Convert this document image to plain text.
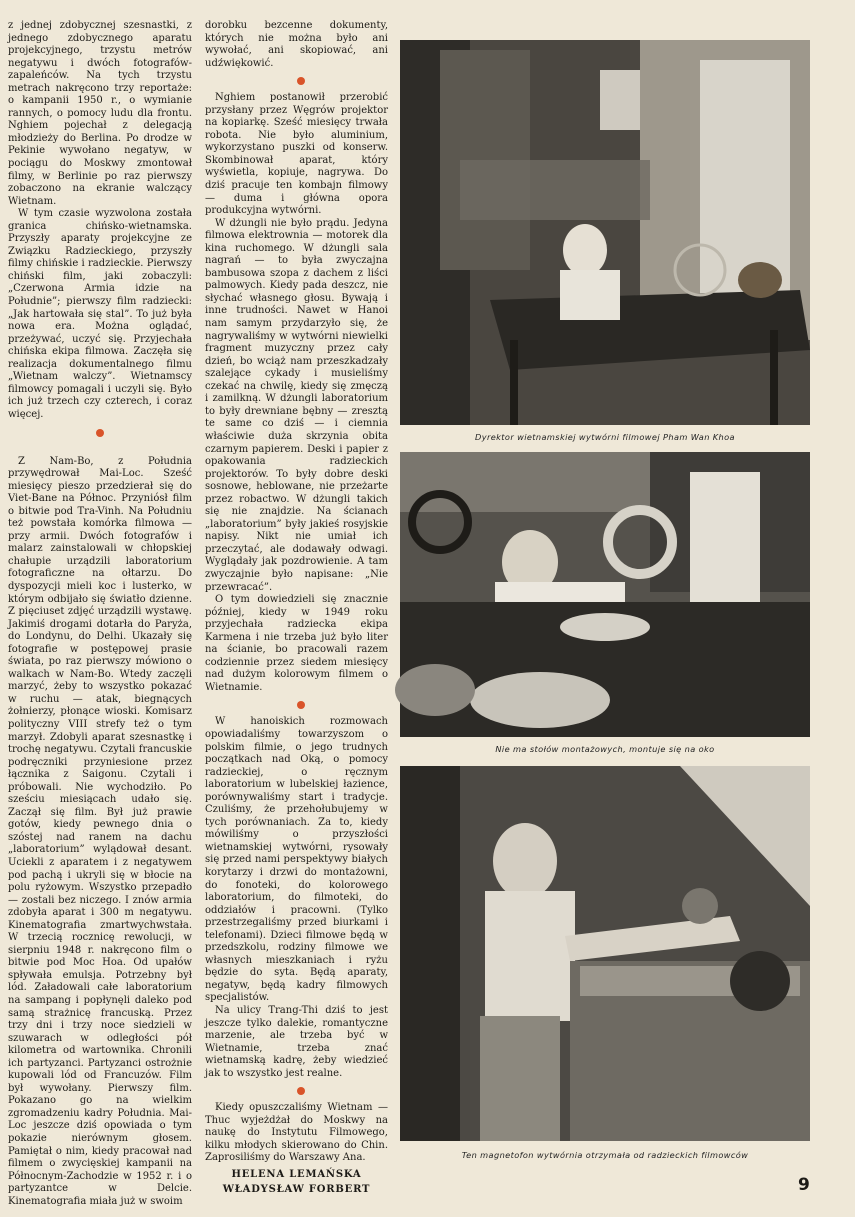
z jednej zdobycznej szesnastki, z jednego zdobycznego aparatu projekcyjnego, trzystu metrów negatywu i dwóch fotografów-zapaleńców. Na tych trzystu metrach nakręcono trzy reportaże: o kampanii 1950 r., o wymianie rannych, o pomocy ludu dla frontu. Nghiem pojechał z delegacją młodzieży do Berlina. Po drodze w Pekinie wywołano negatyw, w pociągu do Moskwy zmontował filmy, w Berlinie po raz pierwszy zobaczono na ekranie walczący Wietnam.

W tym czasie wyzwolona została granica chińsko-wietnamska. Przyszły aparaty projekcyjne ze Związku Radzieckiego, przyszły filmy chińskie i radzieckie. Pierwszy chiński film, jaki zobaczyli: „Czerwona Armia idzie na Południe”; pierwszy film radziecki: „Jak hartowała się stal”. To już była nowa era. Można oglądać, przeżywać, uczyć się. Przyjechała chińska ekipa filmowa. Zaczęła się realizacja dokumentalnego filmu „Wietnam walczy”. Wietnamscy filmowcy pomagali i uczyli się. Było ich już trzech czy czterech, i coraz więcej.

Z Nam-Bo, z Południa przywędrował Mai-Loc. Sześć miesięcy pieszo przedzierał się do Viet-Bane na Północ. Przyniósł film o bitwie pod Tra-Vinh. Na Południu też powstała komórka filmowa — przy armii. Dwóch fotografów i malarz zainstalowali w chłopskiej chałupie urządzili laboratorium fotograficzne na ołtarzu. Do dyspozycji mieli koc i lusterko, w którym odbijało się światło dzienne. Z pięciuset zdjęć urządzili wystawę. Jakimiś drogami dotarła do Paryża, do Londynu, do Delhi. Ukazały się fotografie w postępowej prasie świata, po raz pierwszy mówiono o walkach w Nam-Bo. Wtedy zaczęli marzyć, żeby to wszystko pokazać w ruchu — atak, biegnących żołnierzy, płonące wioski. Komisarz polityczny VIII strefy też o tym marzył. Zdobyli aparat szesnastkę i trochę negatywu. Czytali francuskie podręczniki przyniesione przez łącznika z Saigonu. Czytali i próbowali. Nie wychodziło. Po sześciu miesiącach udało się. Zaczął się film. Był już prawie gotów, kiedy pewnego dnia o szóstej nad ranem na dachu „laboratorium” wylądował desant. Uciekli z aparatem i z negatywem pod pachą i ukryli się w błocie na polu ryżowym. Wszystko przepadło — zostali bez niczego. I znów armia zdobyła aparat i 300 m negatywu. Kinematografia zmartwychwstała. W trzecią rocznicę rewolucji, w sierpniu 1948 r. nakręcono film o bitwie pod Moc Hoa. Od upałów spływała emulsja. Potrzebny był lód. Załadowali całe laboratorium na sampang i popłynęli daleko pod samą strażnicę francuską. Przez trzy dni i trzy noce siedzieli w szuwarach w odległości pół kilometra od wartownika. Chronili ich partyzanci. Partyzanci ostrożnie kupowali lód od Francuzów. Film był wywołany. Pierwszy film. Pokazano go na wielkim zgromadzeniu kadry Południa. Mai-Loc jeszcze dziś opowiada o tym pokazie nierównym głosem. Pamiętał o nim, kiedy pracował nad filmem o zwycięskiej kampanii na Północnym-Zachodzie w 1952 r. i o partyzantce w Delcie. Kinematografia miała już w swoim

dorobku bezcenne dokumenty, których nie można było ani wywołać, ani skopiować, ani udźwiękowić.

Nghiem postanowił przerobić przysłany przez Węgrów projektor na kopiarkę. Sześć miesięcy trwała robota. Nie było aluminium, wykorzystano puszki od konserw. Skombinował aparat, który wyświetla, kopiuje, nagrywa. Do dziś pracuje ten kombajn filmowy — duma i główna opora produkcyjna wytwórni.

W dżungli nie było prądu. Jedyna filmowa elektrownia — motorek dla kina ruchomego. W dżungli sala nagrań — to była zwyczajna bambusowa szopa z dachem z liści palmowych. Kiedy pada deszcz, nie słychać własnego głosu. Bywają i inne trudności. Nawet w Hanoi nam samym przydarzyło się, że nagrywaliśmy w wytwórni niewielki fragment muzyczny przez cały dzień, bo wciąż nam przeszkadzały szalejące cykady i musieliśmy czekać na chwilę, kiedy się zmęczą i zamilkną. W dżungli laboratorium to były drewniane bębny — zresztą te same co dziś — i ciemnia właściwie duża skrzynia obita czarnym papierem. Deski i papier z opakowania radzieckich projektorów. To były dobre deski sosnowe, heblowane, nie przeżarte przez robactwo. W dżungli takich się nie znajdzie. Na ścianach „laboratorium” były jakieś rosyjskie napisy. Nikt nie umiał ich przeczytać, ale dodawały odwagi. Wyglądały jak pozdrowienie. A tam zwyczajnie było napisane: „Nie przewracać”.

O tym dowiedzieli się znacznie później, kiedy w 1949 roku przyjechała radziecka ekipa Karmena i nie trzeba już było liter na ścianie, bo pracowali razem codziennie przez siedem miesięcy nad dużym kolorowym filmem o Wietnamie.

W hanoiskich rozmowach opowiadaliśmy towarzyszom o polskim filmie, o jego trudnych początkach nad Oką, o pomocy radzieckiej, o ręcznym laboratorium w lubelskiej łazience, porównywaliśmy start i tradycje. Czuliśmy, że przehołubujemy w tych porównaniach. Za to, kiedy mówiliśmy o przyszłości wietnamskiej wytwórni, rysowały się przed nami perspektywy białych korytarzy i drzwi do montażowni, do fonoteki, do kolorowego laboratorium, do filmoteki, do oddziałów i pracowni. (Tylko przestrzegaliśmy przed biurkami i telefonami). Dzieci filmowe będą w przedszkolu, rodziny filmowe we własnych mieszkaniach i ryżu będzie do syta. Będą aparaty, negatyw, będą kadry filmowych specjalistów.

Na ulicy Trang-Thi dziś to jest jeszcze tylko dalekie, romantyczne marzenie, ale trzeba być w Wietnamie, trzeba znać wietnamską kadrę, żeby wiedzieć jak to wszystko jest realne.

Kiedy opuszczaliśmy Wietnam — Thuc wyjeżdżał do Moskwy na naukę do Instytutu Filmowego, kilku młodych skierowano do Chin. Zaprosiliśmy do Warszawy Ana.

HELENA LEMAŃSKA
WŁADYSŁAW FORBERT
Dyrektor wietnamskiej wytwórni filmowej Pham Wan Khoa
Nie ma stołów montażowych, montuje się na oko
Ten magnetofon wytwórnia otrzymała od radzieckich filmowców
9
